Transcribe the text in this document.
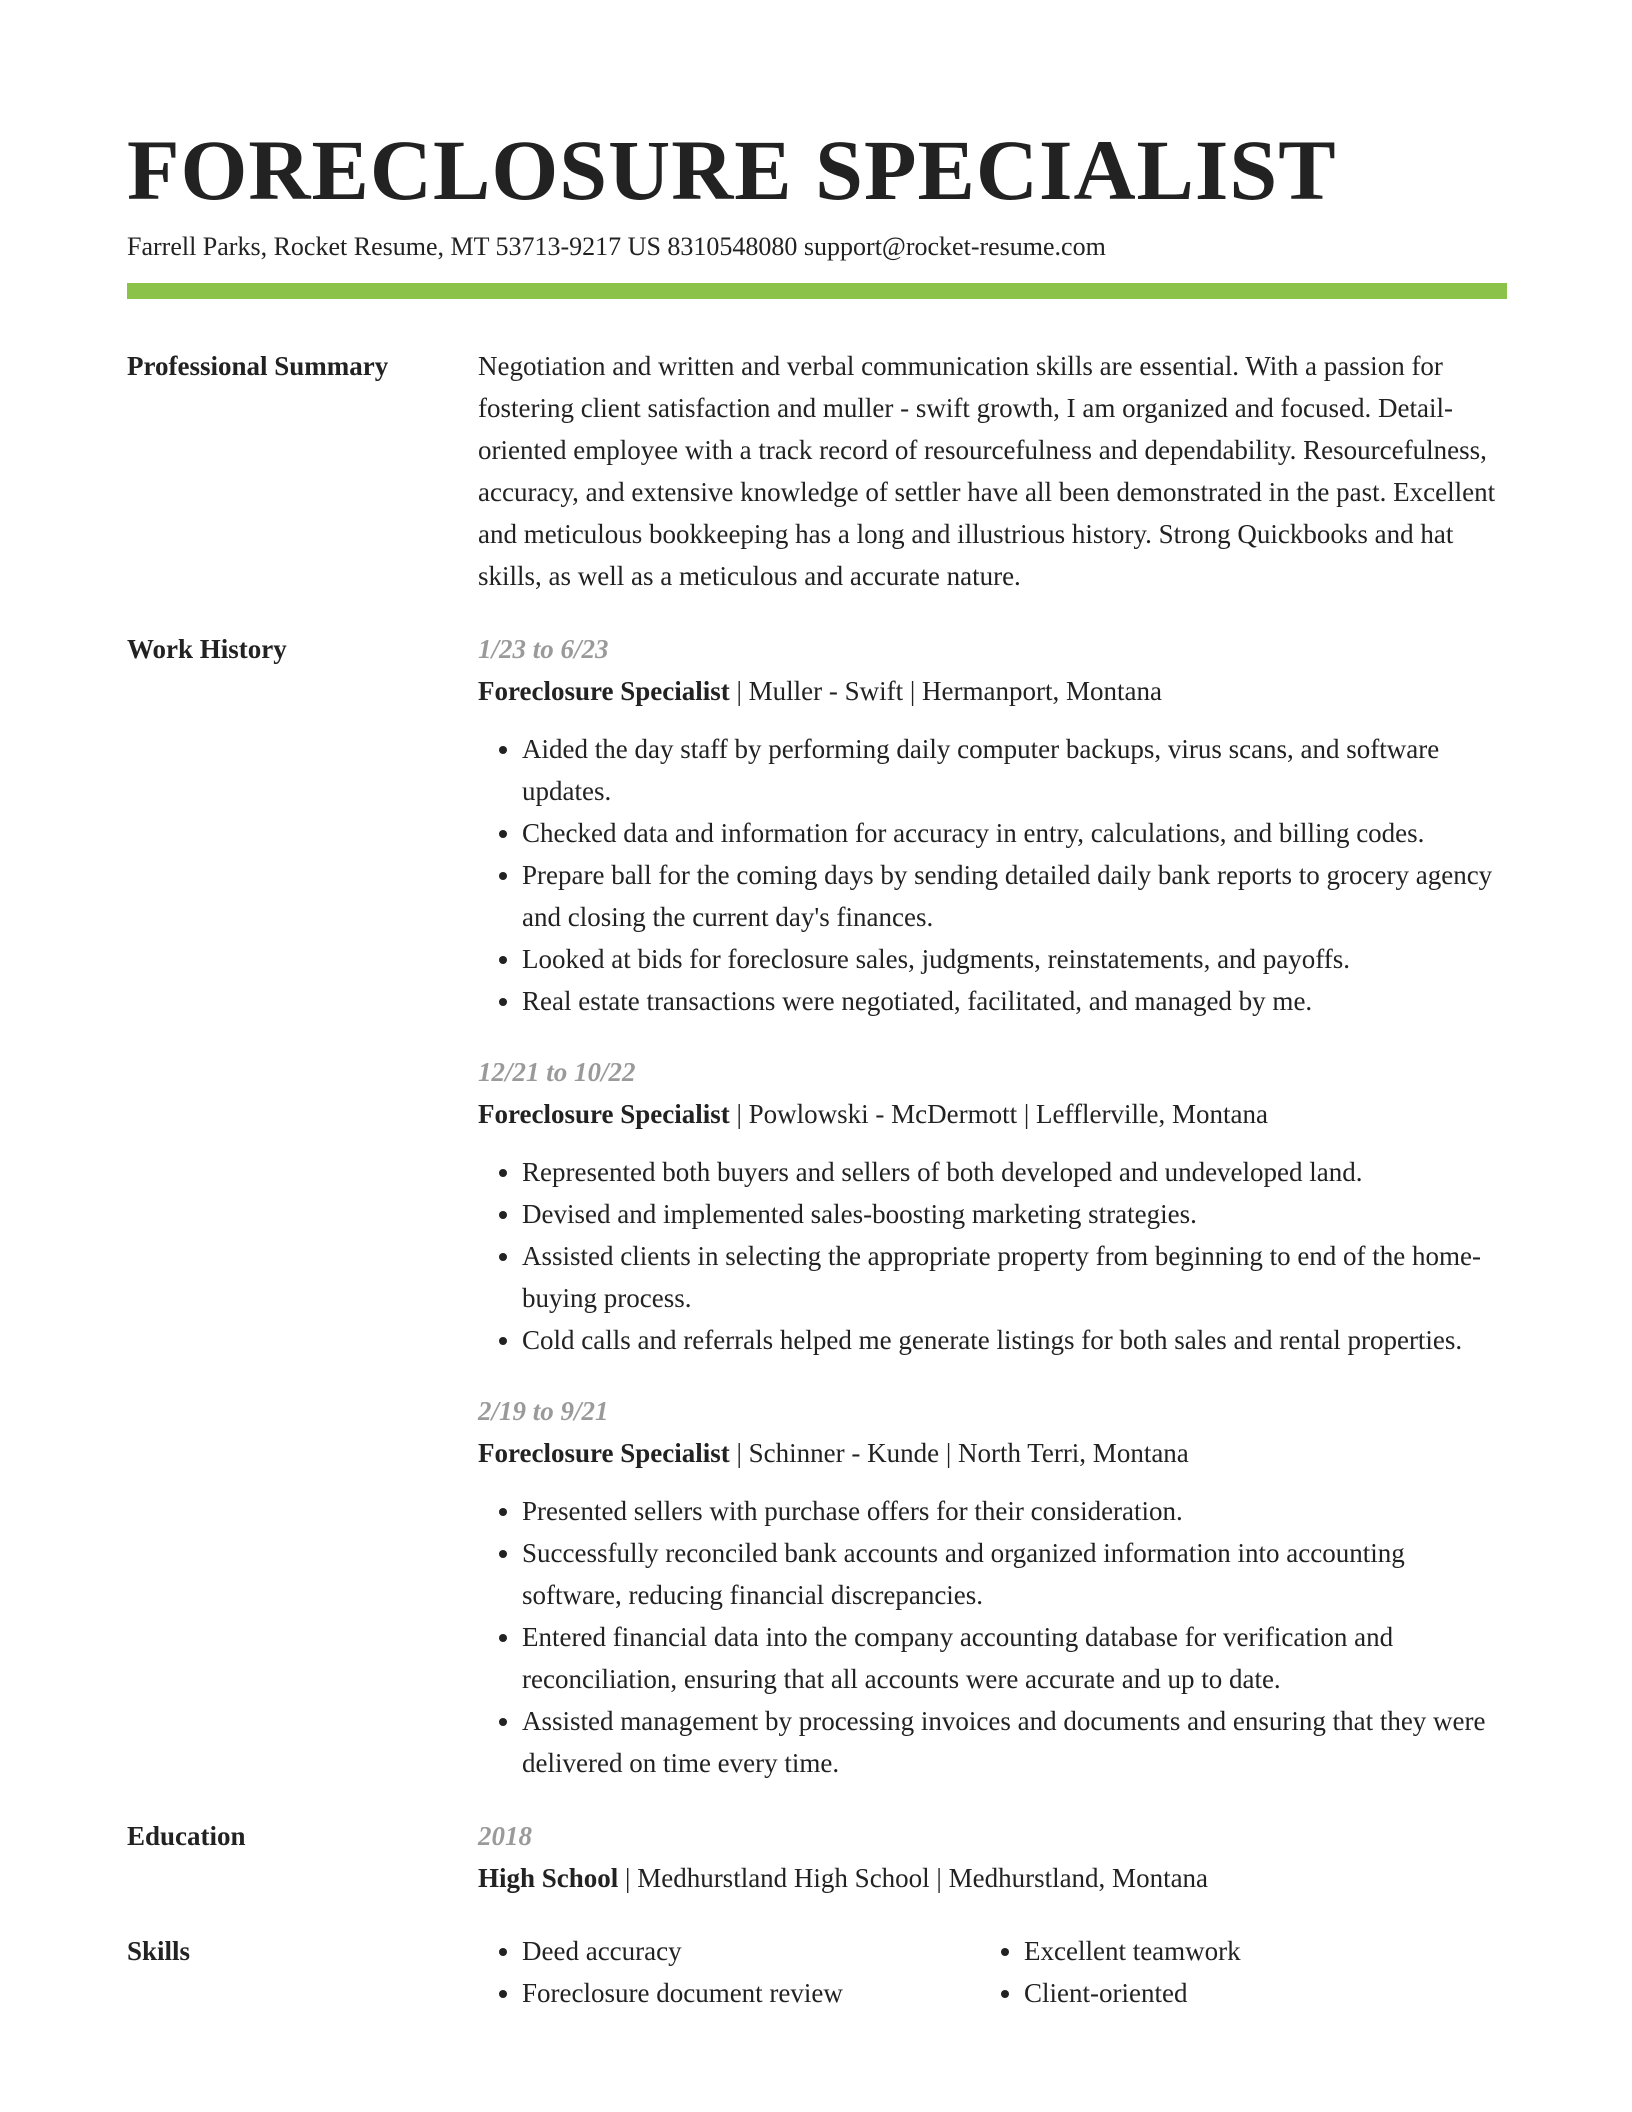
FORECLOSURE SPECIALIST
Farrell Parks, Rocket Resume, MT 53713-9217 US 8310548080 support@rocket-resume.com
Professional Summary	Negotiation and written and verbal communication skills are essential. With a passion for fostering client satisfaction and muller - swift growth, I am organized and focused. Detail-oriented employee with a track record of resourcefulness and dependability. Resourcefulness, accuracy, and extensive knowledge of settler have all been demonstrated in the past. Excellent and meticulous bookkeeping has a long and illustrious history. Strong Quickbooks and hat skills, as well as a meticulous and accurate nature.

Work History	1/23 to 6/23
Foreclosure Specialist | Muller - Swift | Hermanport, Montana
• Aided the day staff by performing daily computer backups, virus scans, and software updates.
• Checked data and information for accuracy in entry, calculations, and billing codes.
• Prepare ball for the coming days by sending detailed daily bank reports to grocery agency and closing the current day's finances.
• Looked at bids for foreclosure sales, judgments, reinstatements, and payoffs.
• Real estate transactions were negotiated, facilitated, and managed by me.
12/21 to 10/22
Foreclosure Specialist | Powlowski - McDermott | Lefflerville, Montana
• Represented both buyers and sellers of both developed and undeveloped land.
• Devised and implemented sales-boosting marketing strategies.
• Assisted clients in selecting the appropriate property from beginning to end of the home-buying process.
• Cold calls and referrals helped me generate listings for both sales and rental properties.
2/19 to 9/21
Foreclosure Specialist | Schinner - Kunde | North Terri, Montana
• Presented sellers with purchase offers for their consideration.
• Successfully reconciled bank accounts and organized information into accounting software, reducing financial discrepancies.
• Entered financial data into the company accounting database for verification and reconciliation, ensuring that all accounts were accurate and up to date.
• Assisted management by processing invoices and documents and ensuring that they were delivered on time every time.
Education	2018
High School | Medhurstland High School | Medhurstland, Montana
Skills
•	Deed accuracy
• Foreclosure document review
• Excellent teamwork
• Client-oriented
